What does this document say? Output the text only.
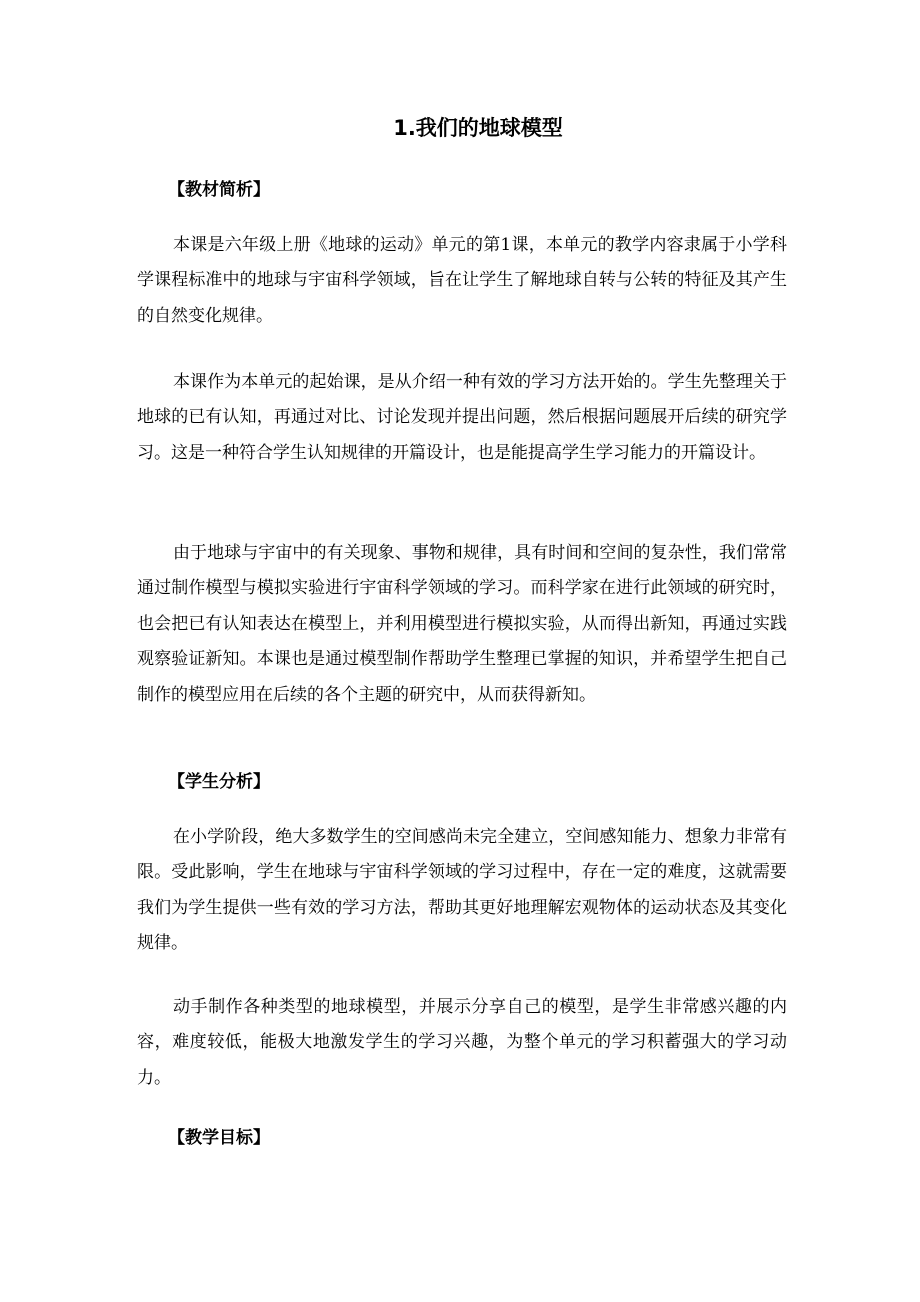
1.我们的地球模型
【教材简析】

本课是六年级上册《地球的运动》单元的第1课，本单元的教学内容隶属于小学科学课程标准中的地球与宇宙科学领域，旨在让学生了解地球自转与公转的特征及其产生的自然变化规律。

本课作为本单元的起始课，是从介绍一种有效的学习方法开始的。学生先整理关于地球的已有认知，再通过对比、讨论发现并提出问题，然后根据问题展开后续的研究学习。这是一种符合学生认知规律的开篇设计，也是能提高学生学习能力的开篇设计。

由于地球与宇宙中的有关现象、事物和规律，具有时间和空间的复杂性，我们常常通过制作模型与模拟实验进行宇宙科学领域的学习。而科学家在进行此领域的研究时，也会把已有认知表达在模型上，并利用模型进行模拟实验，从而得出新知，再通过实践观察验证新知。本课也是通过模型制作帮助学生整理已掌握的知识，并希望学生把自己制作的模型应用在后续的各个主题的研究中，从而获得新知。

【学生分析】

在小学阶段，绝大多数学生的空间感尚未完全建立，空间感知能力、想象力非常有限。受此影响，学生在地球与宇宙科学领域的学习过程中，存在一定的难度，这就需要我们为学生提供一些有效的学习方法，帮助其更好地理解宏观物体的运动状态及其变化规律。

动手制作各种类型的地球模型，并展示分享自己的模型，是学生非常感兴趣的内容，难度较低，能极大地激发学生的学习兴趣，为整个单元的学习积蓄强大的学习动力。

【教学目标】
